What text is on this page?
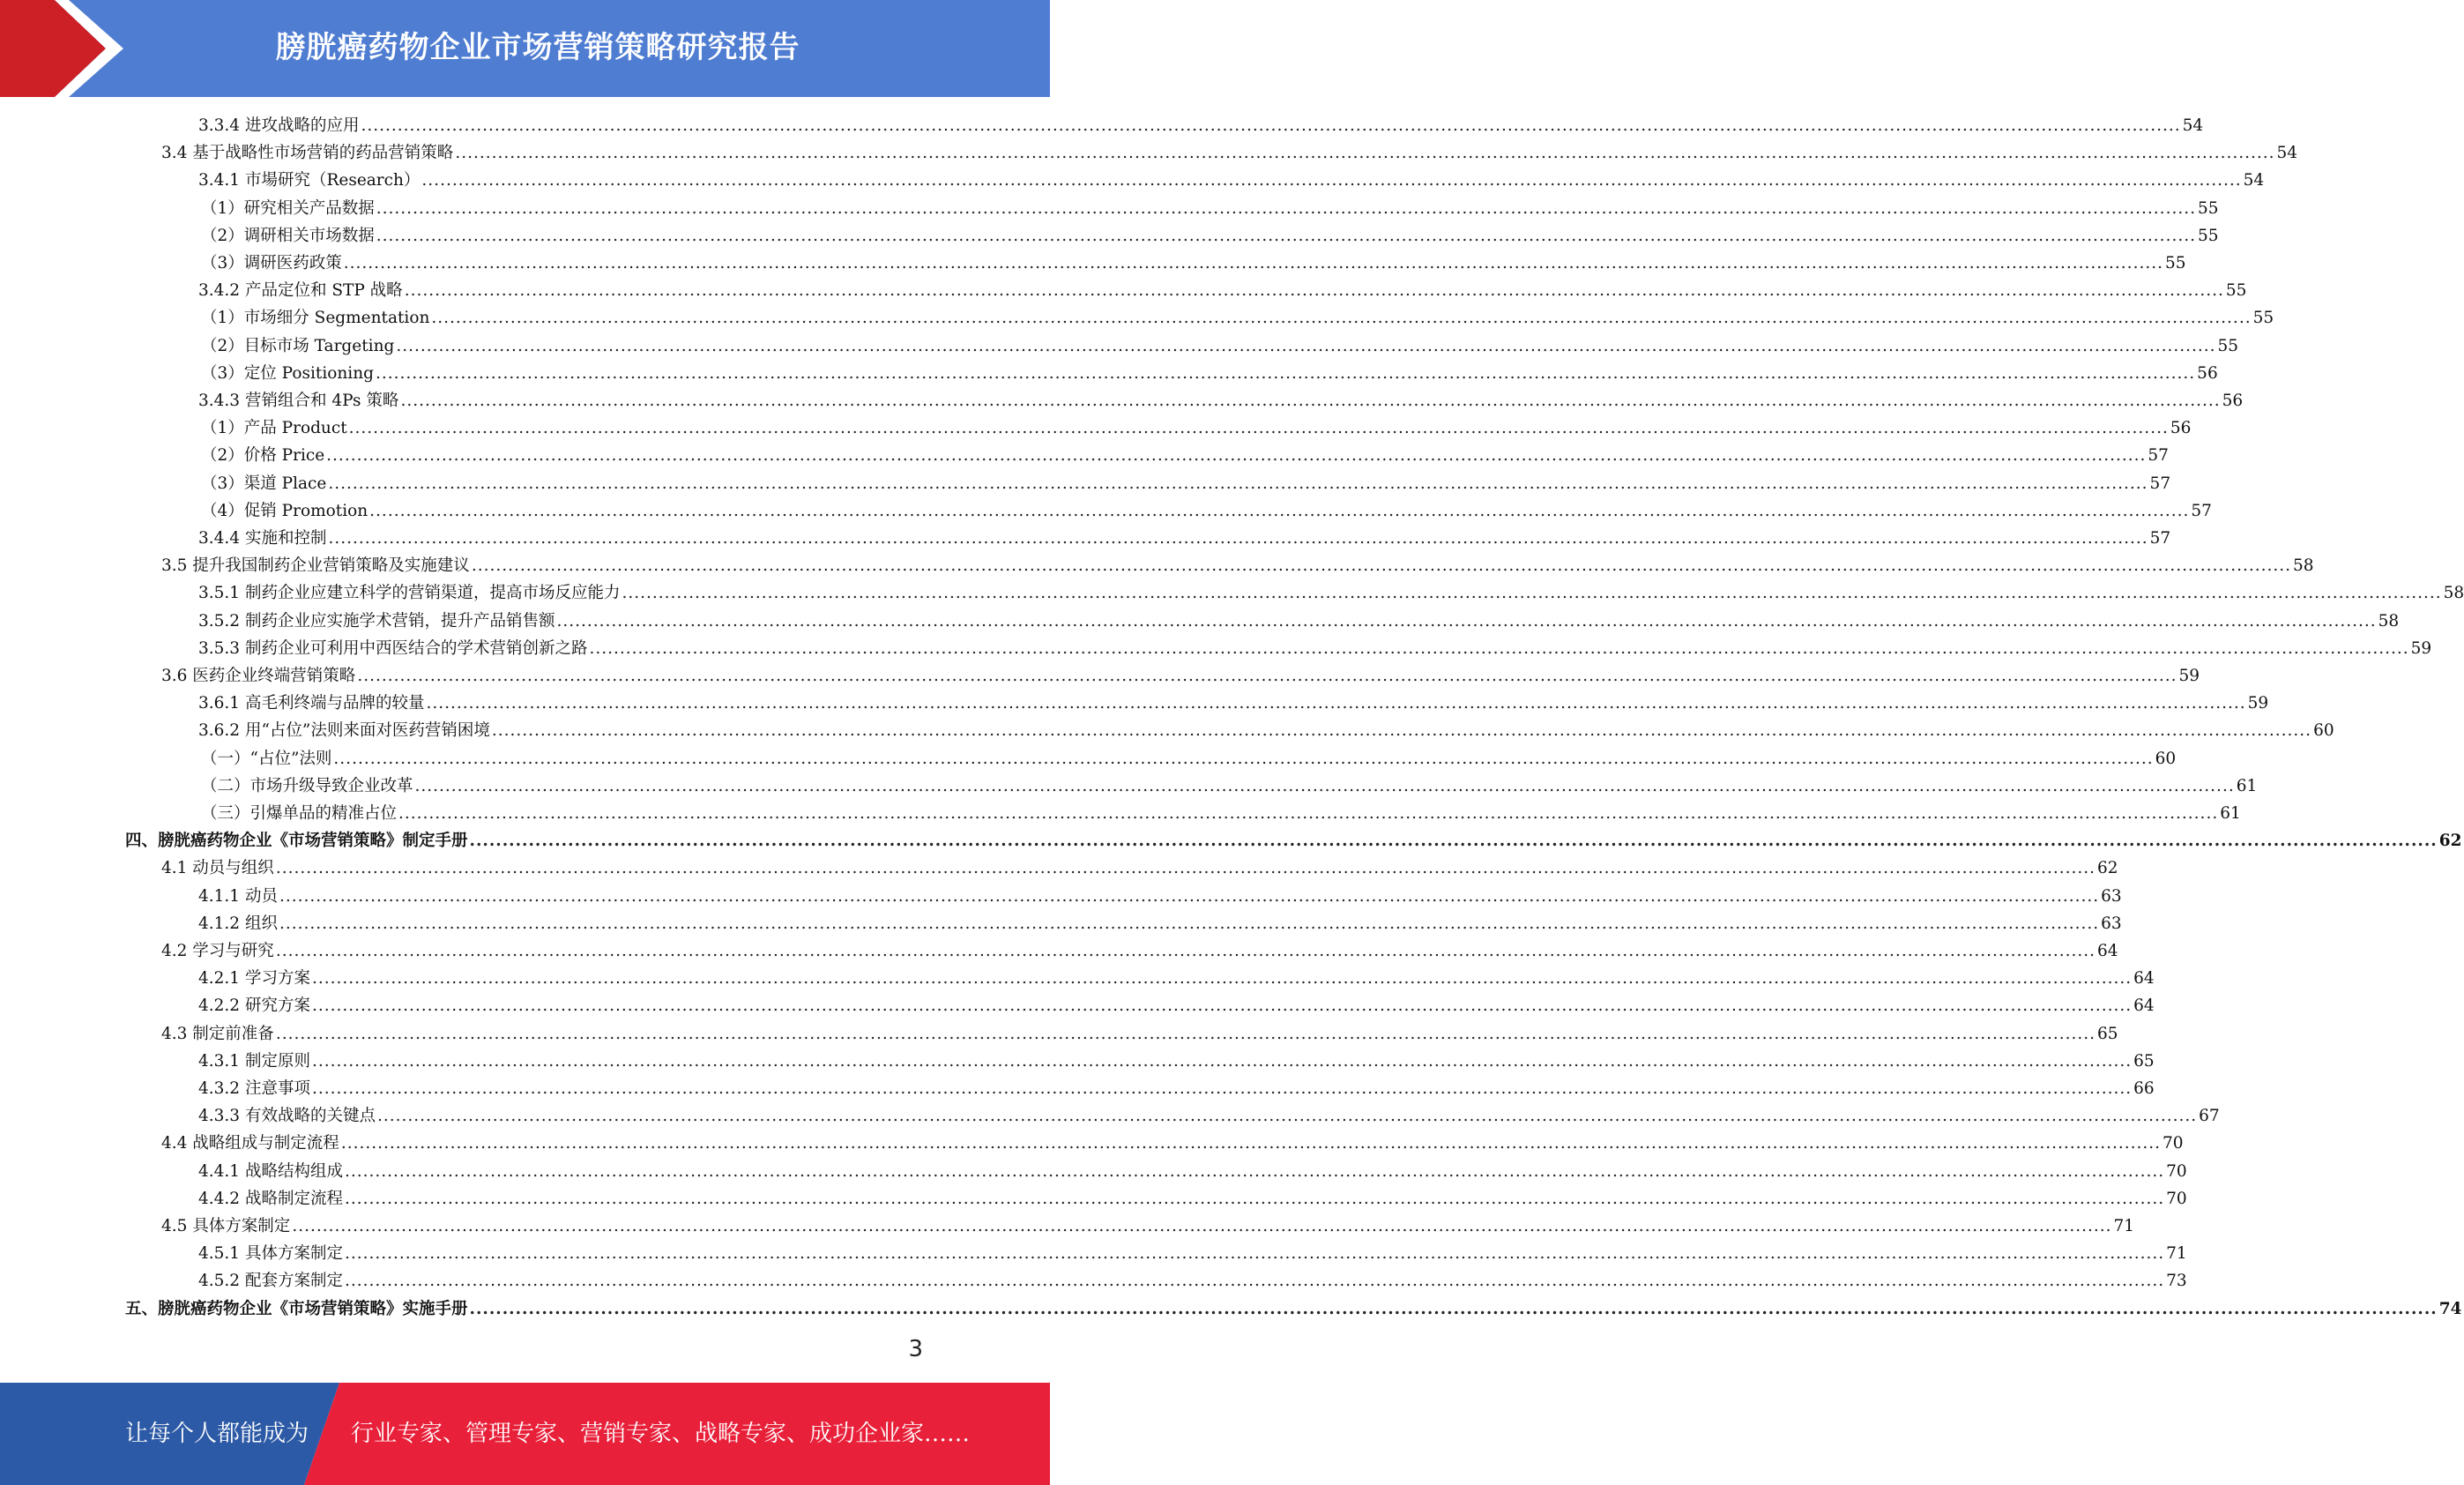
膀胱癌药物企业市场营销策略研究报告
3.3.4 进攻战略的应用 ............................................................................................................................................................................................................................................................................................................ 54
3.4 基于战略性市场营销的药品营销策略 ............................................................................................................................................................................................................................................................................................................ 54
3.4.1 市場研究（Research） ............................................................................................................................................................................................................................................................................................................ 54
（1）研究相关产品数据 ............................................................................................................................................................................................................................................................................................................ 55
（2）调研相关市场数据 ............................................................................................................................................................................................................................................................................................................ 55
（3）调研医药政策 ............................................................................................................................................................................................................................................................................................................ 55
3.4.2 产品定位和 STP 战略 ............................................................................................................................................................................................................................................................................................................ 55
（1）市场细分 Segmentation ............................................................................................................................................................................................................................................................................................................ 55
（2）目标市场 Targeting ............................................................................................................................................................................................................................................................................................................ 55
（3）定位 Positioning ............................................................................................................................................................................................................................................................................................................ 56
3.4.3 营销组合和 4Ps 策略 ............................................................................................................................................................................................................................................................................................................ 56
（1）产品 Product ............................................................................................................................................................................................................................................................................................................ 56
（2）价格 Price ............................................................................................................................................................................................................................................................................................................ 57
（3）渠道 Place ............................................................................................................................................................................................................................................................................................................ 57
（4）促销 Promotion ............................................................................................................................................................................................................................................................................................................ 57
3.4.4 实施和控制 ............................................................................................................................................................................................................................................................................................................ 57
3.5 提升我国制药企业营销策略及实施建议 ............................................................................................................................................................................................................................................................................................................ 58
3.5.1 制药企业应建立科学的营销渠道，提高市场反应能力 ............................................................................................................................................................................................................................................................................................................ 58
3.5.2 制药企业应实施学术营销，提升产品销售额 ............................................................................................................................................................................................................................................................................................................ 58
3.5.3 制药企业可利用中西医结合的学术营销创新之路 ............................................................................................................................................................................................................................................................................................................ 59
3.6 医药企业终端营销策略 ............................................................................................................................................................................................................................................................................................................ 59
3.6.1 高毛利终端与品牌的较量 ............................................................................................................................................................................................................................................................................................................ 59
3.6.2 用“占位”法则来面对医药营销困境 ............................................................................................................................................................................................................................................................................................................ 60
（一）“占位”法则 ............................................................................................................................................................................................................................................................................................................ 60
（二）市场升级导致企业改革 ............................................................................................................................................................................................................................................................................................................ 61
（三）引爆单品的精准占位 ............................................................................................................................................................................................................................................................................................................ 61
四、膀胱癌药物企业《市场营销策略》制定手册 ............................................................................................................................................................................................................................................................................................................ 62
4.1 动员与组织 ............................................................................................................................................................................................................................................................................................................ 62
4.1.1 动员 ............................................................................................................................................................................................................................................................................................................ 63
4.1.2 组织 ............................................................................................................................................................................................................................................................................................................ 63
4.2 学习与研究 ............................................................................................................................................................................................................................................................................................................ 64
4.2.1 学习方案 ............................................................................................................................................................................................................................................................................................................ 64
4.2.2 研究方案 ............................................................................................................................................................................................................................................................................................................ 64
4.3 制定前准备 ............................................................................................................................................................................................................................................................................................................ 65
4.3.1 制定原则 ............................................................................................................................................................................................................................................................................................................ 65
4.3.2 注意事项 ............................................................................................................................................................................................................................................................................................................ 66
4.3.3 有效战略的关键点 ............................................................................................................................................................................................................................................................................................................ 67
4.4 战略组成与制定流程 ............................................................................................................................................................................................................................................................................................................ 70
4.4.1 战略结构组成 ............................................................................................................................................................................................................................................................................................................ 70
4.4.2 战略制定流程 ............................................................................................................................................................................................................................................................................................................ 70
4.5 具体方案制定 ............................................................................................................................................................................................................................................................................................................ 71
4.5.1 具体方案制定 ............................................................................................................................................................................................................................................................................................................ 71
4.5.2 配套方案制定 ............................................................................................................................................................................................................................................................................................................ 73
五、膀胱癌药物企业《市场营销策略》实施手册 ............................................................................................................................................................................................................................................................................................................ 74
3
让每个人都能成为 行业专家、管理专家、营销专家、战略专家、成功企业家……
